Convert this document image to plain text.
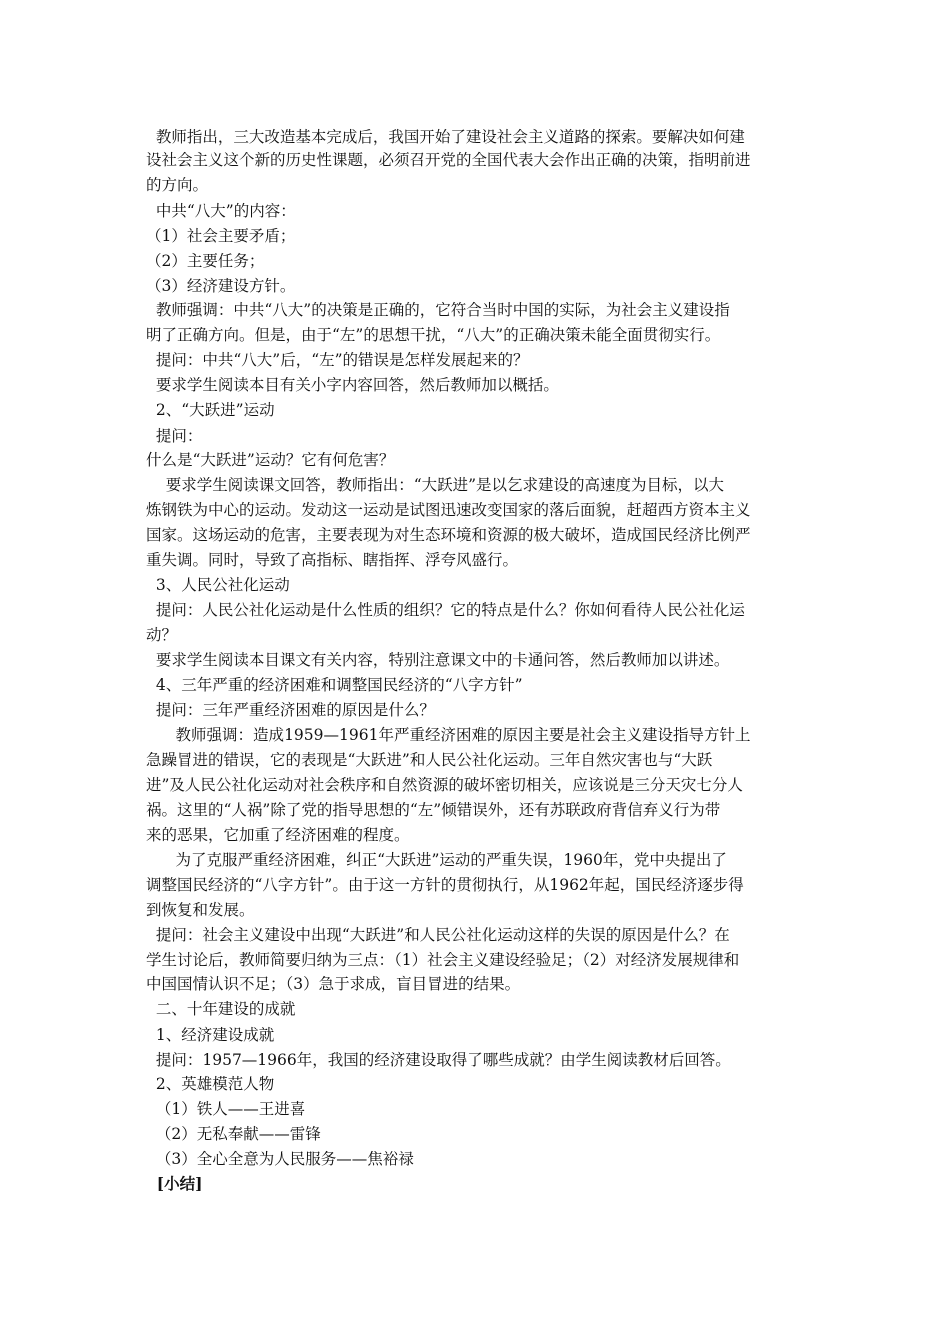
教师指出，三大改造基本完成后，我国开始了建设社会主义道路的探索。要解决如何建
设社会主义这个新的历史性课题，必须召开党的全国代表大会作出正确的决策，指明前进
的方向。
中共“八大”的内容：
（1）社会主要矛盾；
（2）主要任务；
（3）经济建设方针。
教师强调：中共“八大”的决策是正确的，它符合当时中国的实际，为社会主义建设指
明了正确方向。但是，由于“左”的思想干扰，“八大”的正确决策未能全面贯彻实行。
提问：中共“八大”后，“左”的错误是怎样发展起来的？
要求学生阅读本目有关小字内容回答，然后教师加以概括。
2、“大跃进”运动
提问：
什么是“大跃进”运动？它有何危害？
要求学生阅读课文回答，教师指出：“大跃进”是以乞求建设的高速度为目标，以大
炼钢铁为中心的运动。发动这一运动是试图迅速改变国家的落后面貌，赶超西方资本主义
国家。这场运动的危害，主要表现为对生态环境和资源的极大破坏，造成国民经济比例严
重失调。同时，导致了高指标、瞎指挥、浮夸风盛行。
3、人民公社化运动
提问：人民公社化运动是什么性质的组织？它的特点是什么？你如何看待人民公社化运
动？
要求学生阅读本目课文有关内容，特别注意课文中的卡通问答，然后教师加以讲述。
4、三年严重的经济困难和调整国民经济的“八字方针”
提问：三年严重经济困难的原因是什么？
教师强调：造成1959—1961年严重经济困难的原因主要是社会主义建设指导方针上
急躁冒进的错误，它的表现是“大跃进”和人民公社化运动。三年自然灾害也与“大跃
进”及人民公社化运动对社会秩序和自然资源的破坏密切相关，应该说是三分天灾七分人
祸。这里的“人祸”除了党的指导思想的“左”倾错误外，还有苏联政府背信弃义行为带
来的恶果，它加重了经济困难的程度。
为了克服严重经济困难，纠正“大跃进”运动的严重失误，1960年，党中央提出了
调整国民经济的“八字方针”。由于这一方针的贯彻执行，从1962年起，国民经济逐步得
到恢复和发展。
提问：社会主义建设中出现“大跃进”和人民公社化运动这样的失误的原因是什么？在
学生讨论后，教师简要归纳为三点：（1）社会主义建设经验足；（2）对经济发展规律和
中国国情认识不足；（3）急于求成，盲目冒进的结果。
二、十年建设的成就
1、经济建设成就
提问：1957—1966年，我国的经济建设取得了哪些成就？由学生阅读教材后回答。
2、英雄模范人物
（1）铁人——王进喜
（2）无私奉献——雷锋
（3）全心全意为人民服务——焦裕禄
[小结]
